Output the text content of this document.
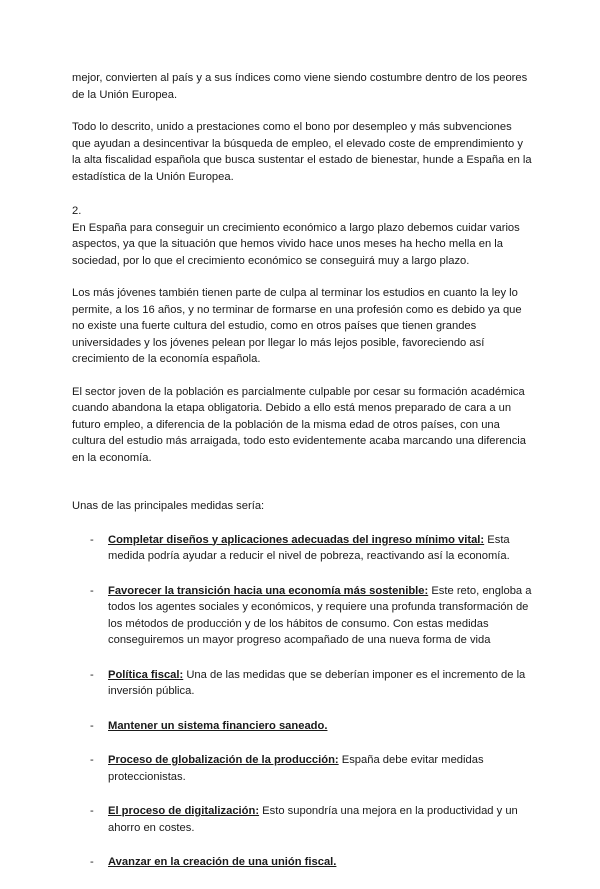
mejor, convierten al país y a sus índices como viene siendo costumbre dentro de los peores de la Unión Europea.

Todo lo descrito, unido a prestaciones como el bono por desempleo y más subvenciones que ayudan a desincentivar la búsqueda de empleo, el elevado coste de emprendimiento y la alta fiscalidad española que busca sustentar el estado de bienestar, hunde a España en la estadística de la Unión Europea.

2.

En España para conseguir un crecimiento económico a largo plazo debemos cuidar varios aspectos, ya que la situación que hemos vivido hace unos meses ha hecho mella en la sociedad, por lo que el crecimiento económico se conseguirá muy a largo plazo.

Los más jóvenes también tienen parte de culpa al terminar los estudios en cuanto la ley lo permite, a los 16 años, y no terminar de formarse en una profesión como es debido ya que no existe una fuerte cultura del estudio, como en otros países que tienen grandes universidades y los jóvenes pelean por llegar lo más lejos posible, favoreciendo así crecimiento de la economía española.

El sector joven de la población es parcialmente culpable por cesar su formación académica cuando abandona la etapa obligatoria. Debido a ello está menos preparado de cara a un futuro empleo, a diferencia de la población de la misma edad de otros países, con una cultura del estudio más arraigada, todo esto evidentemente acaba marcando una diferencia en la economía.

Unas de las principales medidas sería:

- Completar diseños y aplicaciones adecuadas del ingreso mínimo vital: Esta medida podría ayudar a reducir el nivel de pobreza, reactivando así la economía.
- Favorecer la transición hacia una economía más sostenible: Este reto, engloba a todos los agentes sociales y económicos, y requiere una profunda transformación de los métodos de producción y de los hábitos de consumo. Con estas medidas conseguiremos un mayor progreso acompañado de una nueva forma de vida
- Política fiscal: Una de las medidas que se deberían imponer es el incremento de la inversión pública.
- Mantener un sistema financiero saneado.
- Proceso de globalización de la producción: España debe evitar medidas proteccionistas.
- El proceso de digitalización: Esto supondría una mejora en la productividad y un ahorro en costes.
- Avanzar en la creación de una unión fiscal.
